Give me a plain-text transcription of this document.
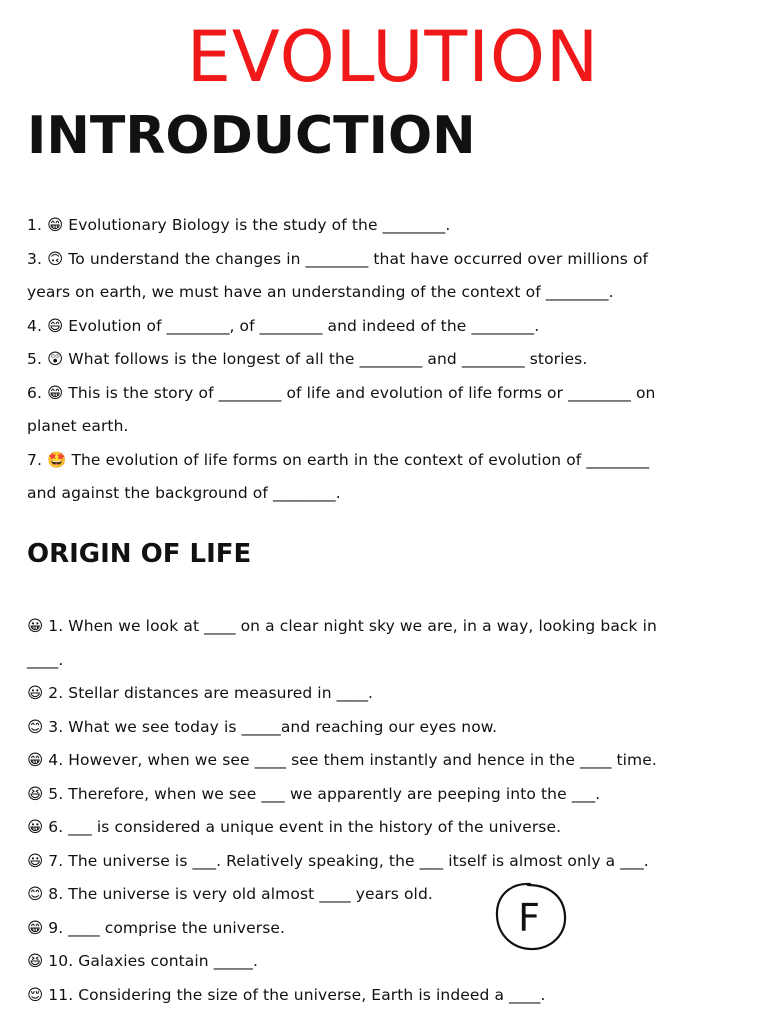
EVOLUTION
INTRODUCTION
1. 😁 Evolutionary Biology is the study of the ________.
3. 🙃 To understand the changes in ________ that have occurred over millions of
years on earth, we must have an understanding of the context of ________.
4. 😄 Evolution of ________, of ________ and indeed of the ________.
5. 😲 What follows is the longest of all the ________ and ________ stories.
6. 😁 This is the story of ________ of life and evolution of life forms or ________ on
planet earth.
7. 🤩 The evolution of life forms on earth in the context of evolution of ________
and against the background of ________.
ORIGIN OF LIFE
😀 1. When we look at ____ on a clear night sky we are, in a way, looking back in
____.
😃 2. Stellar distances are measured in ____.
😊 3. What we see today is _____and reaching our eyes now.
😁 4. However, when we see ____ see them instantly and hence in the ____ time.
😆 5. Therefore, when we see ___ we apparently are peeping into the ___.
😀 6. ___ is considered a unique event in the history of the universe.
😃 7. The universe is ___. Relatively speaking, the ___ itself is almost only a ___.
😊 8. The universe is very old almost ____ years old.
😁 9. ____ comprise the universe.
😆 10. Galaxies contain _____.
😌 11. Considering the size of the universe, Earth is indeed a ____.
F
